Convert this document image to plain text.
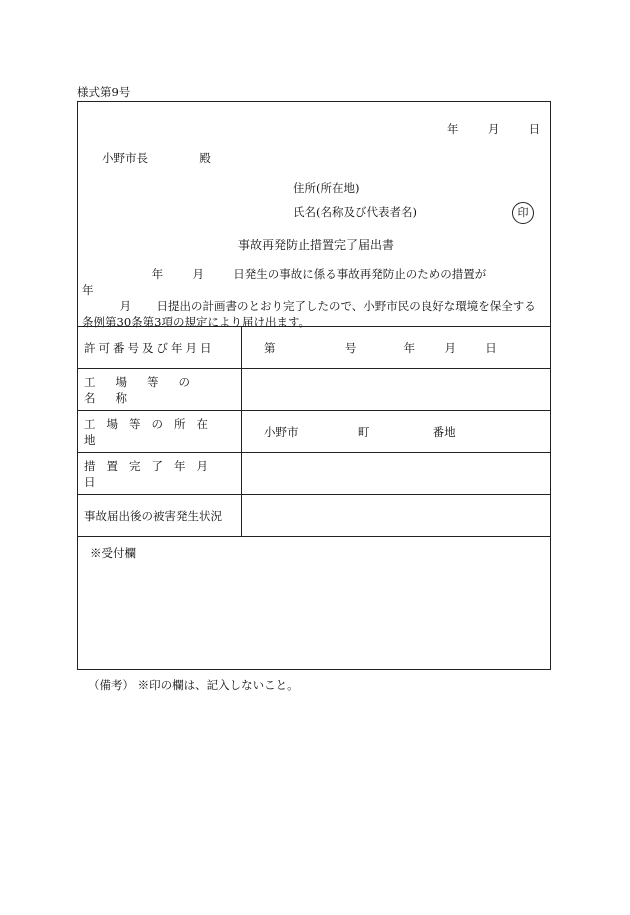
様式第9号
年	月	日
小野市長	殿
住所(所在地)
氏名(名称及び代表者名)	印
事故再発防止措置完了届出書
年	月	日発生の事故に係る事故再発防止のための措置が  年
月 日提出の計画書のとおり完了したので、小野市民の良好な環境を保全する
条例第30条第3項の規定により届け出ます。
許可番号及び年月日	第 号 年 月 日
工場等の名称	
工場等の所在地	小野市 町 番地
措置完了年月日	
事故届出後の被害発生状況	
※受付欄
（備考） ※印の欄は、記入しないこと。
